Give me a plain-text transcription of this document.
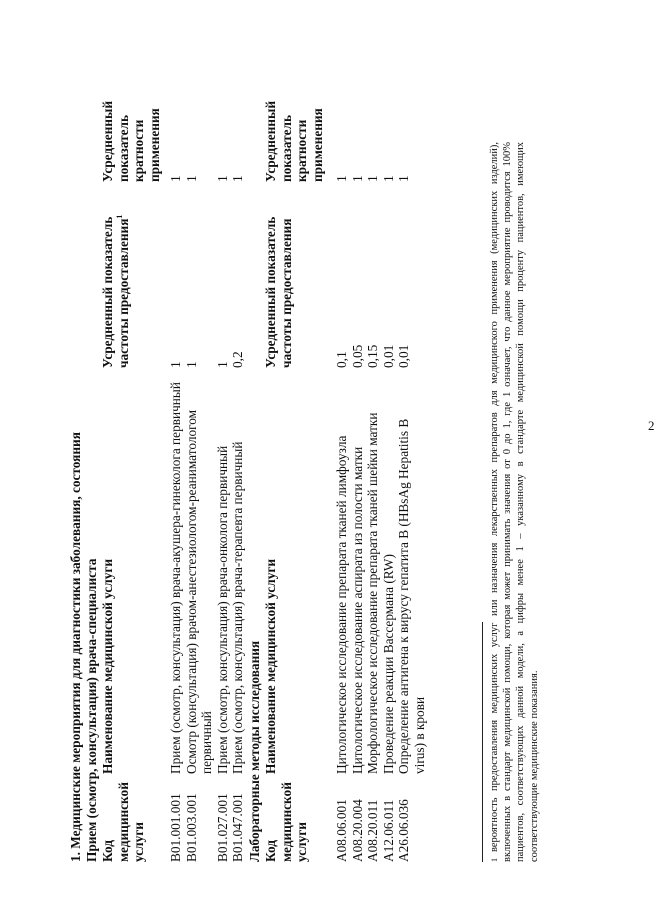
2
1. Медицинские мероприятия для диагностики заболевания, состояния Прием (осмотр, консультация) врача-специалиста Код медицинской услуги
Наименование медицинской услуги
Усредненный показатель частоты предоставления$^1$
Усредненный показатель кратности применения
B01.001.001
Прием (осмотр, консультация) врача-акушера-гинеколога первичный
1
1
B01.003.001
Осмотр (консультация) врачом-анестезиологом-реаниматологом первичный
1
1
B01.027.001
Прием (осмотр, консультация) врача-онколога первичный
1
1
B01.047.001
Прием (осмотр, консультация) врача-терапевта первичный
0,2
1
Лабораторные методы исследования Код медицинской услуги
Наименование медицинской услуги
Усредненный показатель частоты предоставления
Усредненный показатель кратности применения
A08.06.001
Цитологическое исследование препарата тканей лимфоузла
0,1
1
A08.20.004
Цитологическое исследование аспирата из полости матки
0,05
1
A08.20.011
Морфологическое исследование препарата тканей шейки матки
0,15
1
A12.06.011
Проведение реакции Вассермана (RW)
0,01
1
A26.06.036
Определение антигена к вирусу гепатита B (HBsAg Hepatitis B virus) в крови
0,01
1
$^1$вероятность предоставления медицинских услуг или назначения лекарственных препаратов для медицинского применения (медицинских изделий), включенных в стандарт медицинской помощи, которая может принимать значения от 0 до 1, где 1 означает, что данное мероприятие проводится 100% пациентов, соответствующих данной модели, а цифры менее 1 – указанному в стандарте медицинской помощи проценту пациентов, имеющих соответствующие медицинские показания.
